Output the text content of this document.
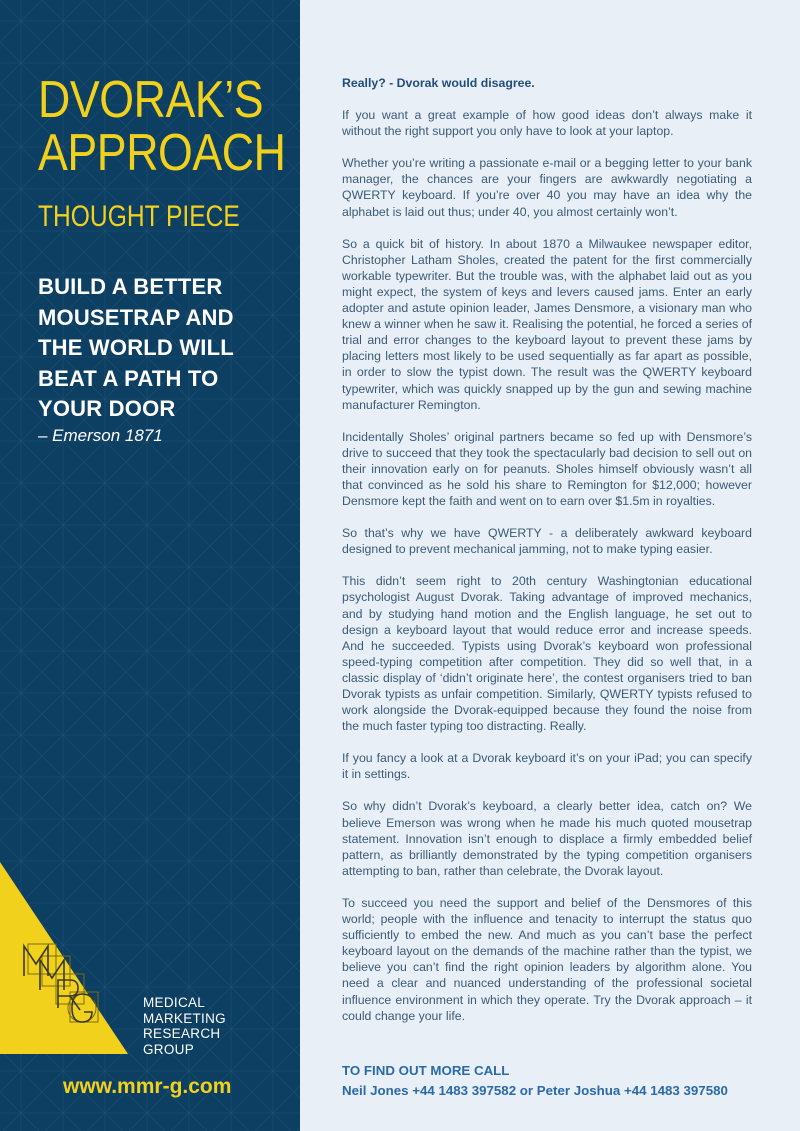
DVORAK’S
APPROACH
THOUGHT PIECE
BUILD A BETTER
MOUSETRAP AND
THE WORLD WILL
BEAT A PATH TO
YOUR DOOR
– Emerson 1871
MEDICAL
MARKETING
RESEARCH
GROUP
www.mmr-g.com

Really? - Dvorak would disagree.

If you want a great example of how good ideas don’t always make it without the right support you only have to look at your laptop.

Whether you’re writing a passionate e-mail or a begging letter to your bank manager, the chances are your fingers are awkwardly negotiating a QWERTY keyboard. If you’re over 40 you may have an idea why the alphabet is laid out thus; under 40, you almost certainly won’t.

So a quick bit of history. In about 1870 a Milwaukee newspaper editor, Christopher Latham Sholes, created the patent for the first commercially workable typewriter. But the trouble was, with the alphabet laid out as you might expect, the system of keys and levers caused jams. Enter an early adopter and astute opinion leader, James Densmore, a visionary man who knew a winner when he saw it. Realising the potential, he forced a series of trial and error changes to the keyboard layout to prevent these jams by placing letters most likely to be used sequentially as far apart as possible, in order to slow the typist down. The result was the QWERTY keyboard typewriter, which was quickly snapped up by the gun and sewing machine manufacturer Remington.

Incidentally Sholes’ original partners became so fed up with Densmore’s drive to succeed that they took the spectacularly bad decision to sell out on their innovation early on for peanuts. Sholes himself obviously wasn’t all that convinced as he sold his share to Remington for $12,000; however Densmore kept the faith and went on to earn over $1.5m in royalties.

So that’s why we have QWERTY - a deliberately awkward keyboard designed to prevent mechanical jamming, not to make typing easier.

This didn’t seem right to 20th century Washingtonian educational psychologist August Dvorak. Taking advantage of improved mechanics, and by studying hand motion and the English language, he set out to design a keyboard layout that would reduce error and increase speeds. And he succeeded. Typists using Dvorak’s keyboard won professional speed-typing competition after competition. They did so well that, in a classic display of ‘didn’t originate here’, the contest organisers tried to ban Dvorak typists as unfair competition. Similarly, QWERTY typists refused to work alongside the Dvorak-equipped because they found the noise from the much faster typing too distracting. Really.

If you fancy a look at a Dvorak keyboard it’s on your iPad; you can specify it in settings.

So why didn’t Dvorak’s keyboard, a clearly better idea, catch on? We believe Emerson was wrong when he made his much quoted mousetrap statement. Innovation isn’t enough to displace a firmly embedded belief pattern, as brilliantly demonstrated by the typing competition organisers attempting to ban, rather than celebrate, the Dvorak layout.

To succeed you need the support and belief of the Densmores of this world; people with the influence and tenacity to interrupt the status quo sufficiently to embed the new. And much as you can’t base the perfect keyboard layout on the demands of the machine rather than the typist, we believe you can’t find the right opinion leaders by algorithm alone. You need a clear and nuanced understanding of the professional societal influence environment in which they operate. Try the Dvorak approach – it could change your life.

TO FIND OUT MORE CALL
Neil Jones +44 1483 397582 or Peter Joshua +44 1483 397580
